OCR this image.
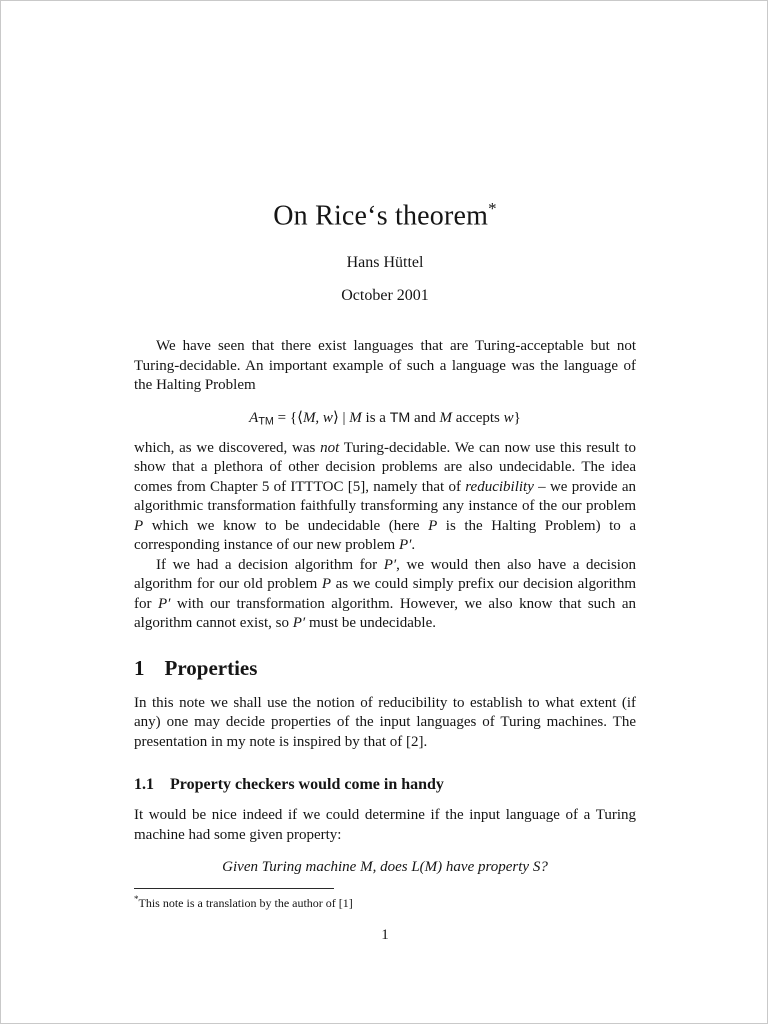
On Rice‘s theorem*
Hans Hüttel
October 2001

We have seen that there exist languages that are Turing-acceptable but not Turing-decidable. An important example of such a language was the language of the Halting Problem

ATM = {⟨M, w⟩ | M is a TM and M accepts w}

which, as we discovered, was not Turing-decidable. We can now use this result to show that a plethora of other decision problems are also undecidable. The idea comes from Chapter 5 of ITTTOC [5], namely that of reducibility – we provide an algorithmic transformation faithfully transforming any instance of the our problem P which we know to be undecidable (here P is the Halting Problem) to a corresponding instance of our new problem P′.

If we had a decision algorithm for P′, we would then also have a decision algorithm for our old problem P as we could simply prefix our decision algorithm for P′ with our transformation algorithm. However, we also know that such an algorithm cannot exist, so P′ must be undecidable.

1 Properties

In this note we shall use the notion of reducibility to establish to what extent (if any) one may decide properties of the input languages of Turing machines. The presentation in my note is inspired by that of [2].

1.1 Property checkers would come in handy

It would be nice indeed if we could determine if the input language of a Turing machine had some given property:

Given Turing machine M, does L(M) have property S?
*This note is a translation by the author of [1]
1
